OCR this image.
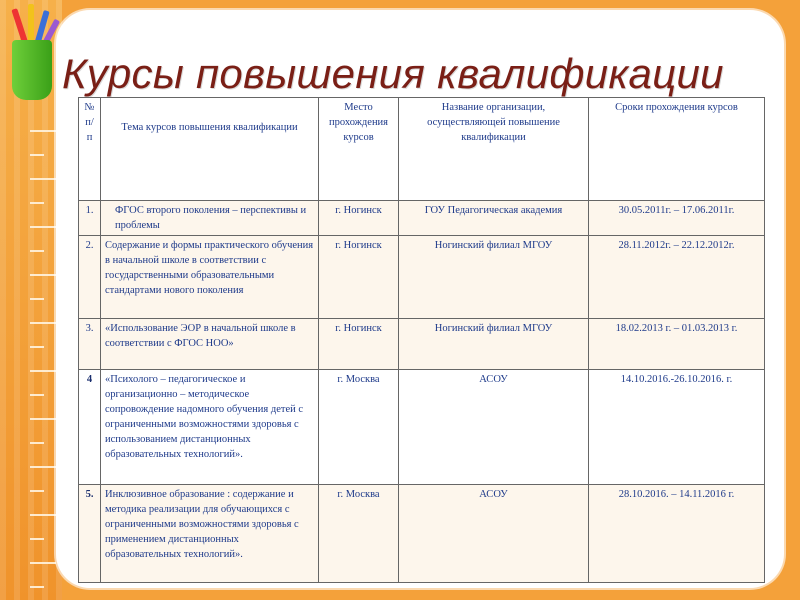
Курсы повышения квалификации
№ п/п	Тема курсов повышения квалификации	Место прохождения курсов	Название организации, осуществляющей повышение квалификации	Сроки прохождения курсов
1.	ФГОС второго поколения – перспективы и проблемы	г. Ногинск	ГОУ Педагогическая академия	30.05.2011г. – 17.06.2011г.
2.	Содержание и формы практического обучения в начальной школе в соответствии с государственными образовательными стандартами нового поколения	г. Ногинск	Ногинский филиал МГОУ	28.11.2012г. – 22.12.2012г.
3.	«Использование ЭОР в начальной школе в соответствии с ФГОС НОО»	г. Ногинск	Ногинский филиал МГОУ	18.02.2013 г. – 01.03.2013 г.
4	«Психолого – педагогическое и организационно – методическое сопровождение надомного обучения детей с ограниченными возможностями здоровья с использованием дистанционных образовательных технологий».	г. Москва	АСОУ	14.10.2016.-26.10.2016. г.
5.	Инклюзивное образование : содержание и методика реализации для обучающихся с ограниченными возможностями здоровья с применением дистанционных образовательных технологий».	г. Москва	АСОУ	28.10.2016. – 14.11.2016 г.
